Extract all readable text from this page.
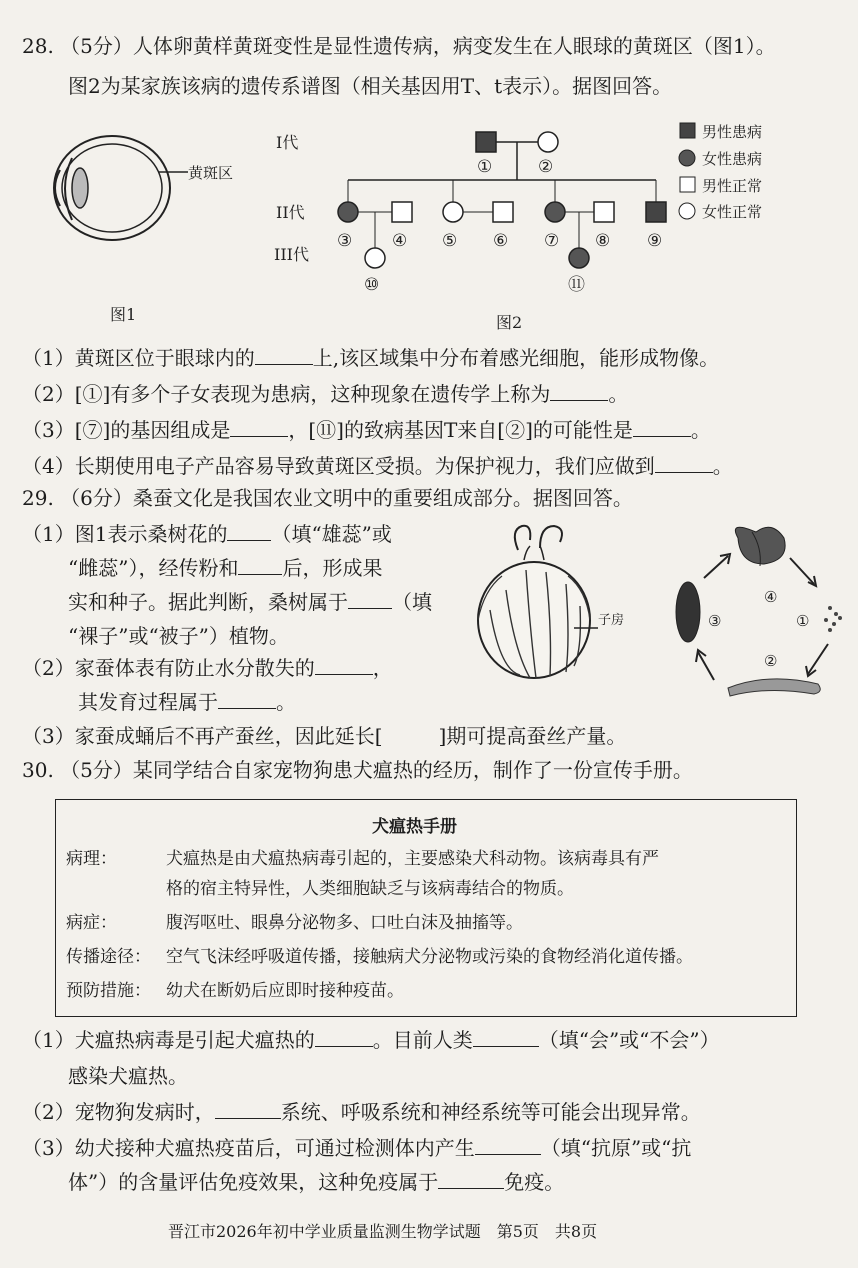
28. （5分）人体卵黄样黄斑变性是显性遗传病，病变发生在人眼球的黄斑区（图1）。
图2为某家族该病的遗传系谱图（相关基因用T、t表示）。据图回答。
黄斑区
图1
I代
II代
III代
①	②
③ ④ ⑤ ⑥ ⑦ ⑧ ⑨
⑩	⑪
男性患病
女性患病
男性正常
女性正常
图2
（1）黄斑区位于眼球内的	上,该区域集中分布着感光细胞，能形成物像。
（2）[①]有多个子女表现为患病，这种现象在遗传学上称为	。
（3）[⑦]的基因组成是	，[⑪]的致病基因T来自[②]的可能性是	。
（4）长期使用电子产品容易导致黄斑区受损。为保护视力，我们应做到	。
29. （6分）桑蚕文化是我国农业文明中的重要组成部分。据图回答。
（1）图1表示桑树花的 （填“雄蕊”或
“雌蕊”），经传粉和 后，形成果
实和种子。据此判断，桑树属于 （填
“裸子”或“被子”）植物。
（2）家蚕体表有防止水分散失的	，
其发育过程属于	。
（3）家蚕成蛹后不再产蚕丝，因此延长[	]期可提高蚕丝产量。
子房
④
①
②
③
30. （5分）某同学结合自家宠物狗患犬瘟热的经历，制作了一份宣传手册。
犬瘟热手册
病理：	犬瘟热是由犬瘟热病毒引起的，主要感染犬科动物。该病毒具有严
格的宿主特异性，人类细胞缺乏与该病毒结合的物质。
病症：	腹泻呕吐、眼鼻分泌物多、口吐白沫及抽搐等。
传播途径： 空气飞沫经呼吸道传播，接触病犬分泌物或污染的食物经消化道传播。
预防措施： 幼犬在断奶后应即时接种疫苗。
（1）犬瘟热病毒是引起犬瘟热的	。目前人类	（填“会”或“不会”）
感染犬瘟热。
（2）宠物狗发病时，	系统、呼吸系统和神经系统等可能会出现异常。
（3）幼犬接种犬瘟热疫苗后，可通过检测体内产生	（填“抗原”或“抗
体”）的含量评估免疫效果，这种免疫属于	免疫。
晋江市2026年初中学业质量监测生物学试题　第5页　共8页
